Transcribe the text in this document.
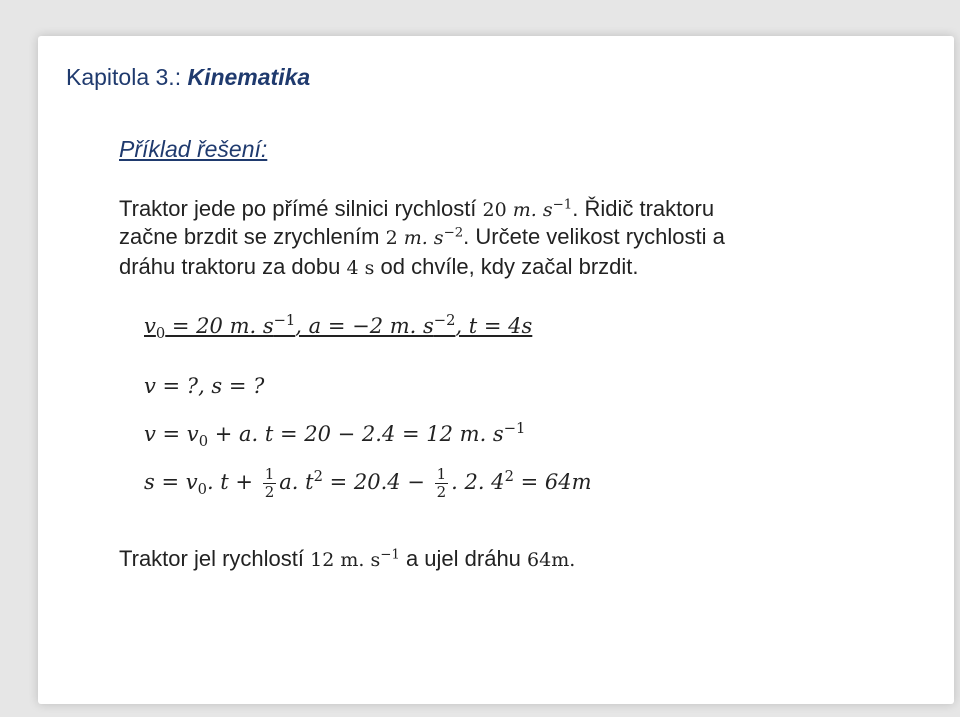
Kapitola 3.: Kinematika
Příklad řešení:
Traktor jede po přímé silnici rychlostí 20 m. $s^{-1}$. Řidič traktoru
začne brzdit se zrychlením 2 m. $s^{-2}$. Určete velikost rychlosti a
dráhu traktoru za dobu 4 s od chvíle, kdy začal brzdit.
$v_0 = 20$ m. $s^{-1}$, a = −2 m. $s^{-2}$, t = 4s
v = ?, s = ?
$v = v_0 + a$. t = 20 − 2.4 = 12 m. $s^{-1}$
$s = v_0$. $t + \frac{1}{2} a$. $t^2 = 20.4 - \frac{1}{2}$ . 2. $4^2 = 64m$
Traktor jel rychlostí 12 m. $s^{-1}$ a ujel dráhu 64m.
